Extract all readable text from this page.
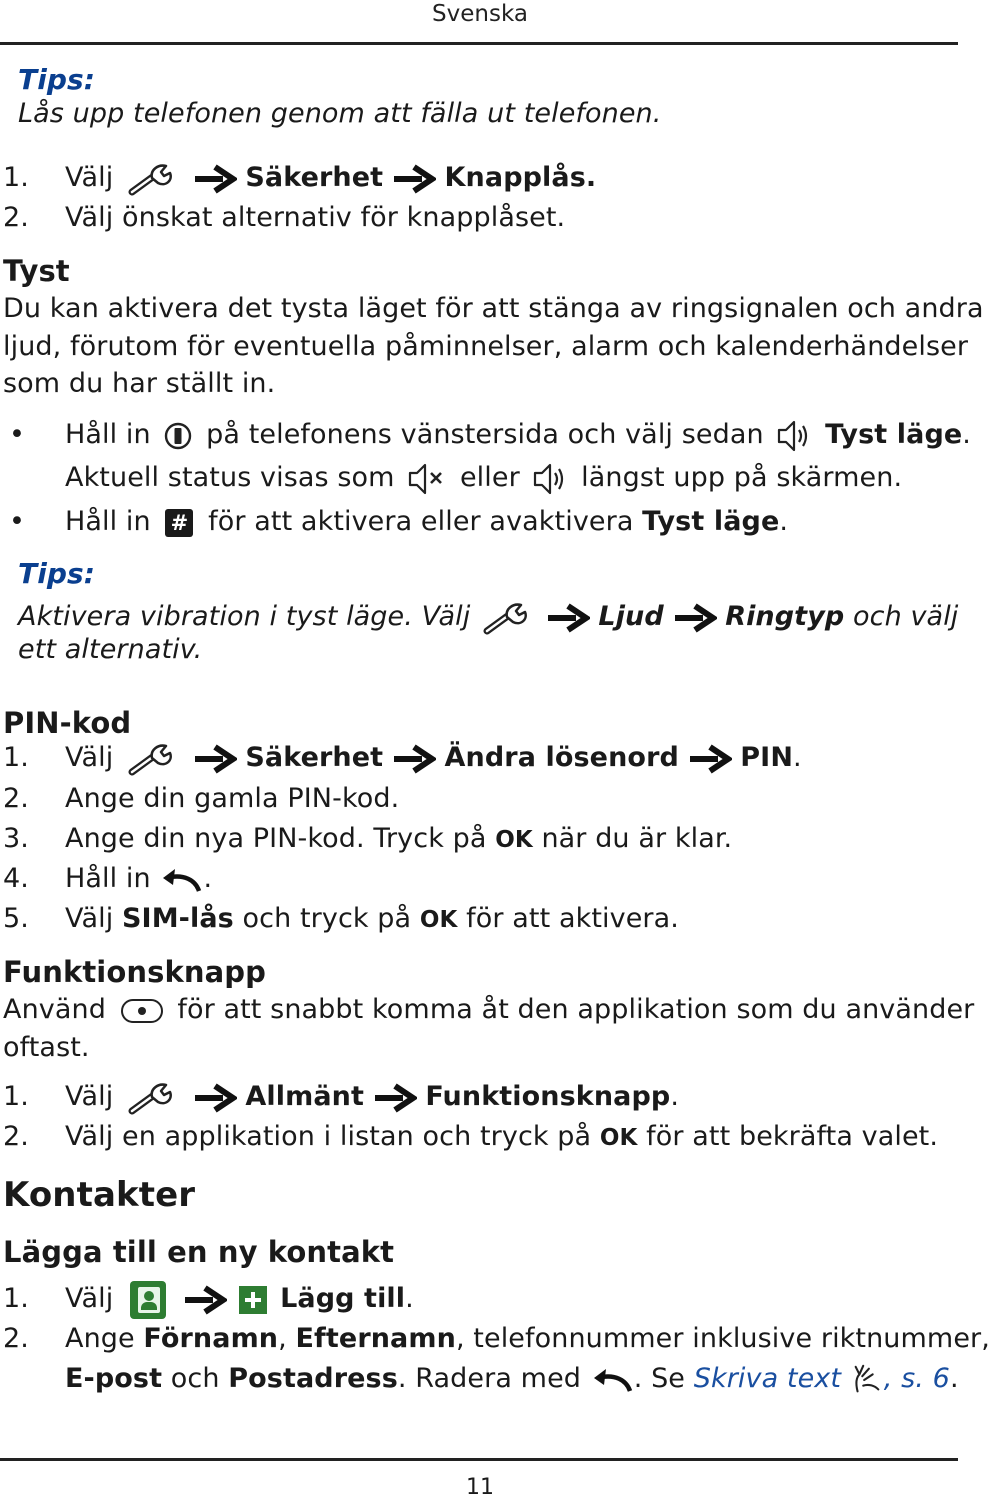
Svenska
Tips:
Lås upp telefonen genom att fälla ut telefonen.
1. Välj	Säkerhet Knapplås.
2. Välj önskat alternativ för knapplåset.
Tyst
Du kan aktivera det tysta läget för att stänga av ringsignalen och andra
ljud, förutom för eventuella påminnelser, alarm och kalenderhändelser
som du har ställt in.
• Håll in på telefonens vänstersida och välj sedan Tyst läge.
Aktuell status visas som eller längst upp på skärmen.
• Håll in # för att aktivera eller avaktivera Tyst läge.
Tips:
Aktivera vibration i tyst läge. Välj	Ljud Ringtyp och välj
ett alternativ.
PIN-kod
1. Välj	Säkerhet Ändra lösenord PIN.
2. Ange din gamla PIN-kod.
3. Ange din nya PIN-kod. Tryck på OK när du är klar.
4. Håll in .
5. Välj SIM-lås och tryck på OK för att aktivera.
Funktionsknapp
Använd	för att snabbt komma åt den applikation som du använder
oftast.
1. Välj	Allmänt Funktionsknapp.
2. Välj en applikation i listan och tryck på OK för att bekräfta valet.
Kontakter
Lägga till en ny kontakt
1. Välj
	Lägg till.
2. Ange Förnamn, Efternamn, telefonnummer inklusive riktnummer,
E-post och Postadress. Radera med . Se Skriva text , s. 6.
11
